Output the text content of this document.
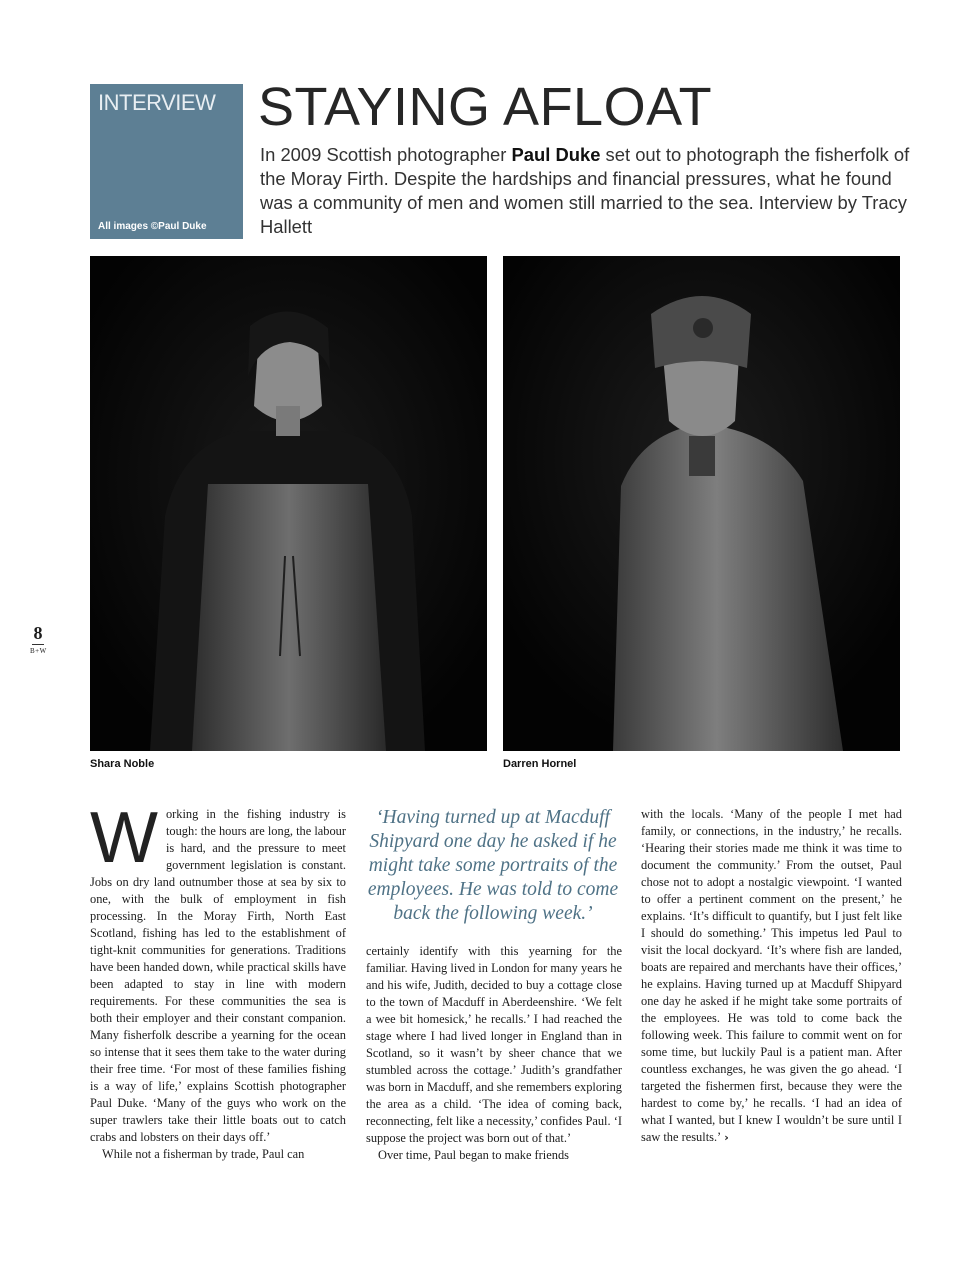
INTERVIEW
All images ©Paul Duke
STAYING AFLOAT

In 2009 Scottish photographer Paul Duke set out to photograph the fisherfolk of the Moray Firth. Despite the hardships and financial pressures, what he found was a community of men and women still married to the sea. Interview by Tracy Hallett

Shara Noble	Darren Hornel
8
B+W

Working in the fishing industry is tough: the hours are long, the labour is hard, and the pressure to meet government legislation is constant. Jobs on dry land outnumber those at sea by six to one, with the bulk of employment in fish processing. In the Moray Firth, North East Scotland, fishing has led to the establishment of tight-knit communities for generations. Traditions have been handed down, while practical skills have been adapted to stay in line with modern requirements. For these communities the sea is both their employer and their constant companion. Many fisherfolk describe a yearning for the ocean so intense that it sees them take to the water during their free time. ‘For most of these families fishing is a way of life,’ explains Scottish photographer Paul Duke. ‘Many of the guys who work on the super trawlers take their little boats out to catch crabs and lobsters on their days off.’

While not a fisherman by trade, Paul can

‘Having turned up at Macduff Shipyard one day he asked if he might take some portraits of the employees. He was told to come back the following week.’

certainly identify with this yearning for the familiar. Having lived in London for many years he and his wife, Judith, decided to buy a cottage close to the town of Macduff in Aberdeenshire. ‘We felt a wee bit homesick,’ he recalls.’ I had reached the stage where I had lived longer in England than in Scotland, so it wasn’t by sheer chance that we stumbled across the cottage.’ Judith’s grandfather was born in Macduff, and she remembers exploring the area as a child. ‘The idea of coming back, reconnecting, felt like a necessity,’ confides Paul. ‘I suppose the project was born out of that.’

Over time, Paul began to make friends

with the locals. ‘Many of the people I met had family, or connections, in the industry,’ he recalls. ‘Hearing their stories made me think it was time to document the community.’ From the outset, Paul chose not to adopt a nostalgic viewpoint. ‘I wanted to offer a pertinent comment on the present,’ he explains. ‘It’s difficult to quantify, but I just felt like I should do something.’ This impetus led Paul to visit the local dockyard. ‘It’s where fish are landed, boats are repaired and merchants have their offices,’ he explains. Having turned up at Macduff Shipyard one day he asked if he might take some portraits of the employees. He was told to come back the following week. This failure to commit went on for some time, but luckily Paul is a patient man. After countless exchanges, he was given the go ahead. ‘I targeted the fishermen first, because they were the hardest to come by,’ he recalls. ‘I had an idea of what I wanted, but I knew I wouldn’t be sure until I saw the results.’ ›
